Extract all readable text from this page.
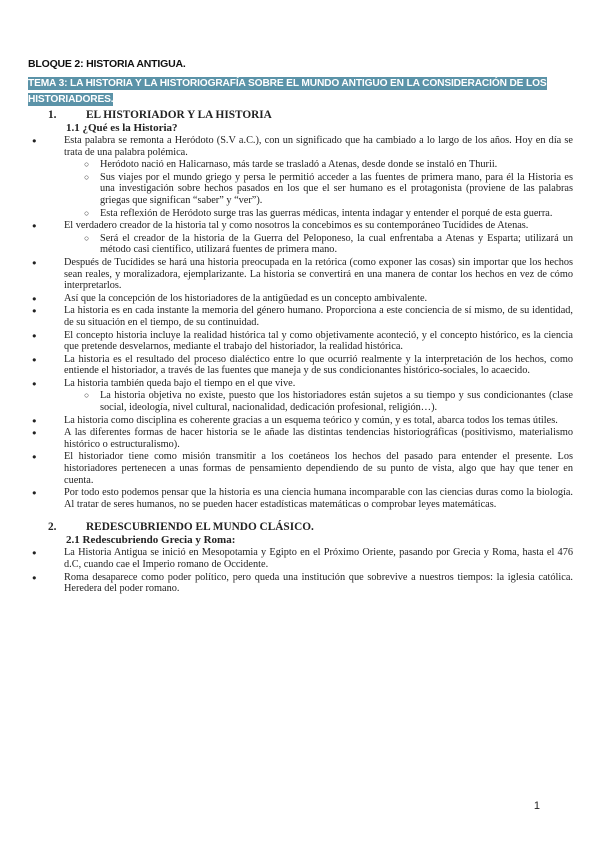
BLOQUE 2: HISTORIA ANTIGUA.
TEMA 3: LA HISTORIA Y LA HISTORIOGRAFÍA SOBRE EL MUNDO ANTIGUO EN LA CONSIDERACIÓN DE LOS HISTORIADORES.
1.	EL HISTORIADOR Y LA HISTORIA
1.1 ¿Qué es la Historia?
● Esta palabra se remonta a Heródoto (S.V a.C.), con un significado que ha cambiado a lo largo de los años. Hoy en día se trata de una palabra polémica.
○ Heródoto nació en Halicarnaso, más tarde se trasladó a Atenas, desde donde se instaló en Thurii.
○ Sus viajes por el mundo griego y persa le permitió acceder a las fuentes de primera mano, para él la Historia es una investigación sobre hechos pasados en los que el ser humano es el protagonista (proviene de las palabras griegas que significan “saber” y “ver”).
○ Esta reflexión de Heródoto surge tras las guerras médicas, intenta indagar y entender el porqué de esta guerra.
● El verdadero creador de la historia tal y como nosotros la concebimos es su contemporáneo Tucídides de Atenas.
○ Será el creador de la historia de la Guerra del Peloponeso, la cual enfrentaba a Atenas y Esparta; utilizará un método casi científico, utilizará fuentes de primera mano.
● Después de Tucídides se hará una historia preocupada en la retórica (como exponer las cosas) sin importar que los hechos sean reales, y moralizadora, ejemplarizante. La historia se convertirá en una manera de contar los hechos en vez de cómo interpretarlos.
● Así que la concepción de los historiadores de la antigüedad es un concepto ambivalente.
● La historia es en cada instante la memoria del género humano. Proporciona a este conciencia de sí mismo, de su identidad, de su situación en el tiempo, de su continuidad.
● El concepto historia incluye la realidad histórica tal y como objetivamente aconteció, y el concepto histórico, es la ciencia que pretende desvelarnos, mediante el trabajo del historiador, la realidad histórica.
● La historia es el resultado del proceso dialéctico entre lo que ocurrió realmente y la interpretación de los hechos, como entiende el historiador, a través de las fuentes que maneja y de sus condicionantes histórico-sociales, lo acaecido.
● La historia también queda bajo el tiempo en el que vive.
○ La historia objetiva no existe, puesto que los historiadores están sujetos a su tiempo y sus condicionantes (clase social, ideología, nivel cultural, nacionalidad, dedicación profesional, religión…).
● La historia como disciplina es coherente gracias a un esquema teórico y común, y es total, abarca todos los temas útiles.
● A las diferentes formas de hacer historia se le añade las distintas tendencias historiográficas (positivismo, materialismo histórico o estructuralismo).
● El historiador tiene como misión transmitir a los coetáneos los hechos del pasado para entender el presente. Los historiadores pertenecen a unas formas de pensamiento dependiendo de su punto de vista, algo que hay que tener en cuenta.
● Por todo esto podemos pensar que la historia es una ciencia humana incomparable con las ciencias duras como la biología. Al tratar de seres humanos, no se pueden hacer estadísticas matemáticas o comprobar leyes matemáticas.
2.	REDESCUBRIENDO EL MUNDO CLÁSICO.
2.1 Redescubriendo Grecia y Roma:
● La Historia Antigua se inició en Mesopotamia y Egipto en el Próximo Oriente, pasando por Grecia y Roma, hasta el 476 d.C, cuando cae el Imperio romano de Occidente.
● Roma desaparece como poder político, pero queda una institución que sobrevive a nuestros tiempos: la iglesia católica. Heredera del poder romano.
1
